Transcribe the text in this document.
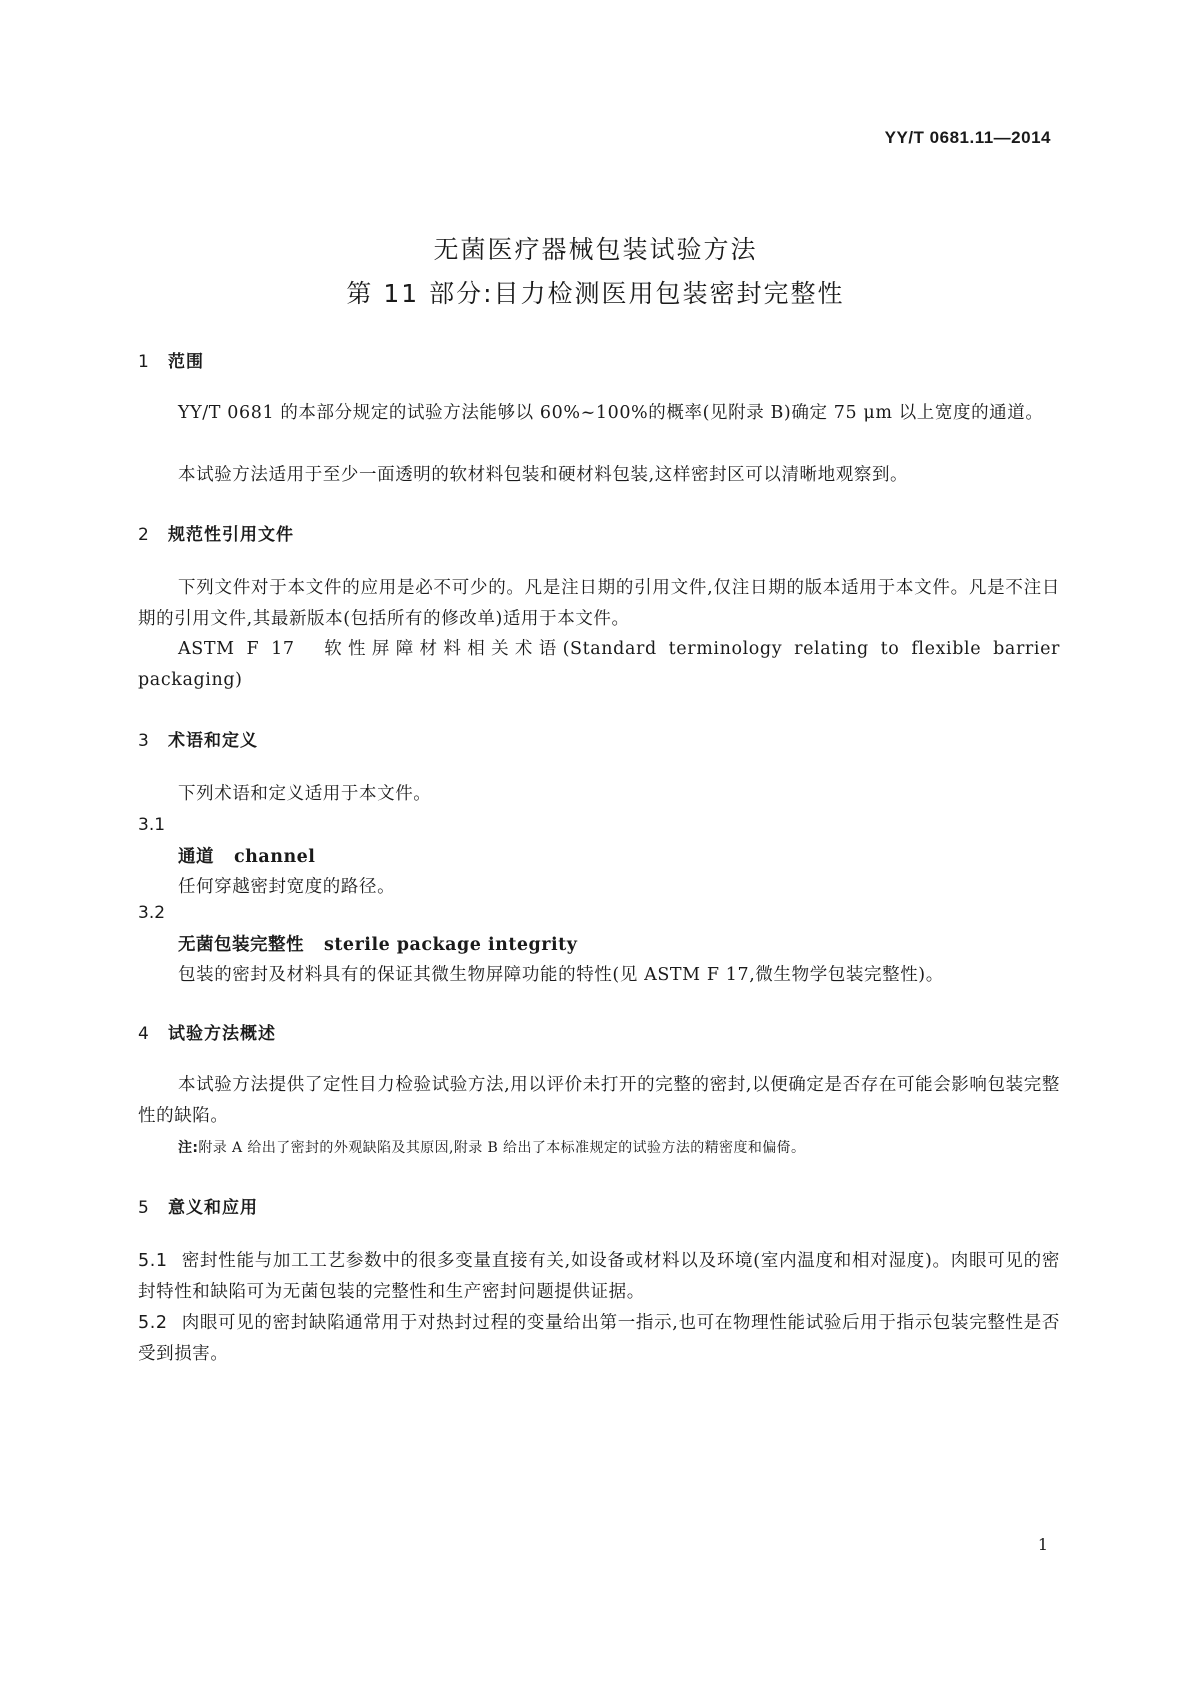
YY/T 0681.11—2014
无菌医疗器械包装试验方法
第 11 部分:目力检测医用包装密封完整性
1 范围
YY/T 0681 的本部分规定的试验方法能够以 60%~100%的概率(见附录 B)确定 75 μm 以上宽度的通道。
本试验方法适用于至少一面透明的软材料包装和硬材料包装,这样密封区可以清晰地观察到。
2 规范性引用文件
下列文件对于本文件的应用是必不可少的。凡是注日期的引用文件,仅注日期的版本适用于本文件。凡是不注日期的引用文件,其最新版本(包括所有的修改单)适用于本文件。
ASTM F 17　软性屏障材料相关术语(Standard terminology relating to flexible barrier packaging)
3 术语和定义
下列术语和定义适用于本文件。
3.1
通道 channel
任何穿越密封宽度的路径。
3.2
无菌包装完整性 sterile package integrity
包装的密封及材料具有的保证其微生物屏障功能的特性(见 ASTM F 17,微生物学包装完整性)。
4 试验方法概述
本试验方法提供了定性目力检验试验方法,用以评价未打开的完整的密封,以便确定是否存在可能会影响包装完整性的缺陷。
注:附录 A 给出了密封的外观缺陷及其原因,附录 B 给出了本标准规定的试验方法的精密度和偏倚。
5 意义和应用
5.1 密封性能与加工工艺参数中的很多变量直接有关,如设备或材料以及环境(室内温度和相对湿度)。肉眼可见的密封特性和缺陷可为无菌包装的完整性和生产密封问题提供证据。
5.2 肉眼可见的密封缺陷通常用于对热封过程的变量给出第一指示,也可在物理性能试验后用于指示包装完整性是否受到损害。
1
